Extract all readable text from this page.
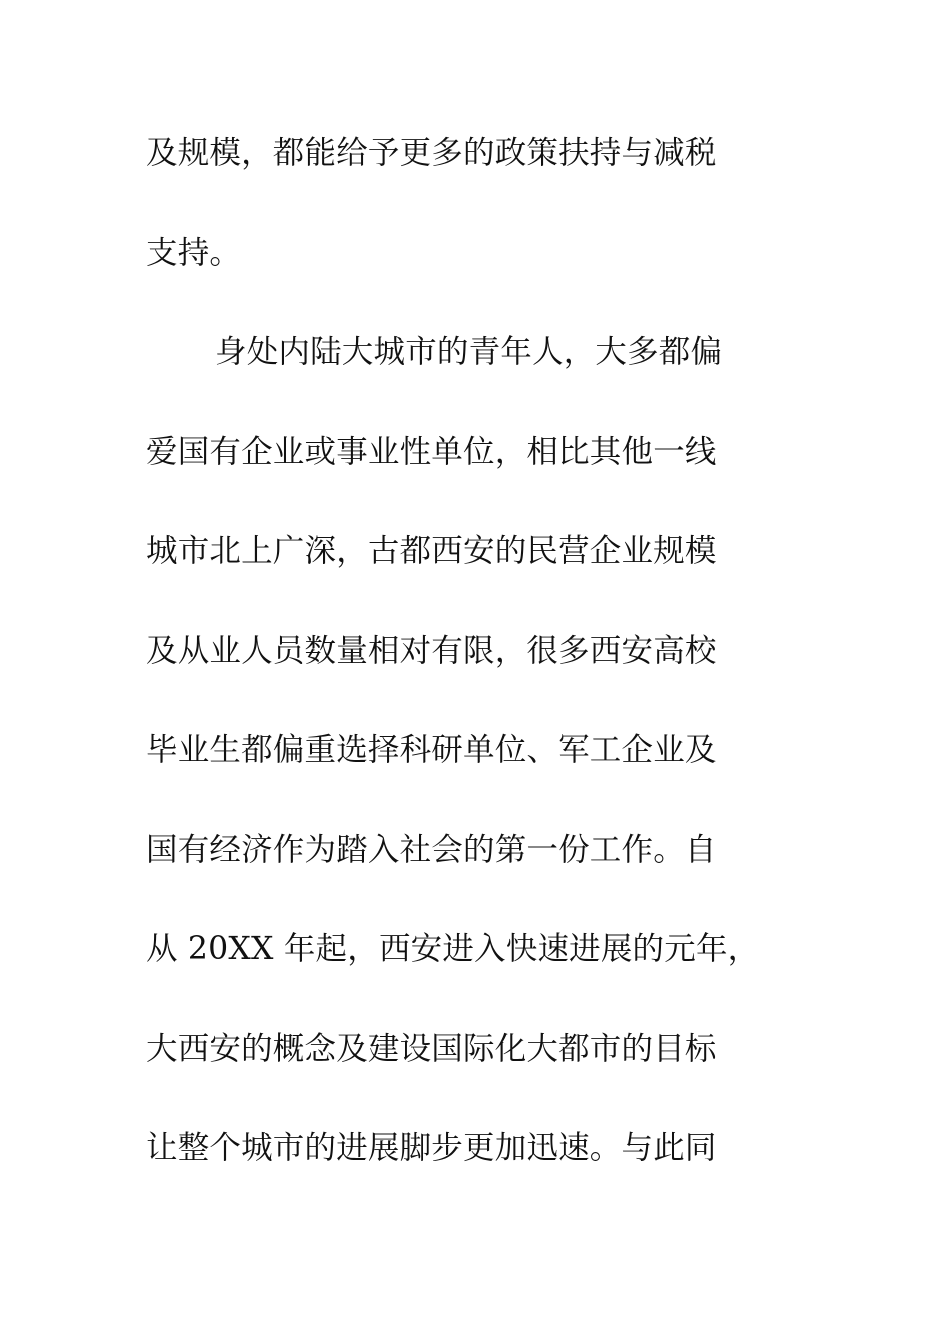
及规模，都能给予更多的政策扶持与减税
支持。
身处内陆大城市的青年人，大多都偏
爱国有企业或事业性单位，相比其他一线
城市北上广深，古都西安的民营企业规模
及从业人员数量相对有限，很多西安高校
毕业生都偏重选择科研单位、军工企业及
国有经济作为踏入社会的第一份工作。自
从 20XX 年起，西安进入快速进展的元年，
大西安的概念及建设国际化大都市的目标
让整个城市的进展脚步更加迅速。与此同
